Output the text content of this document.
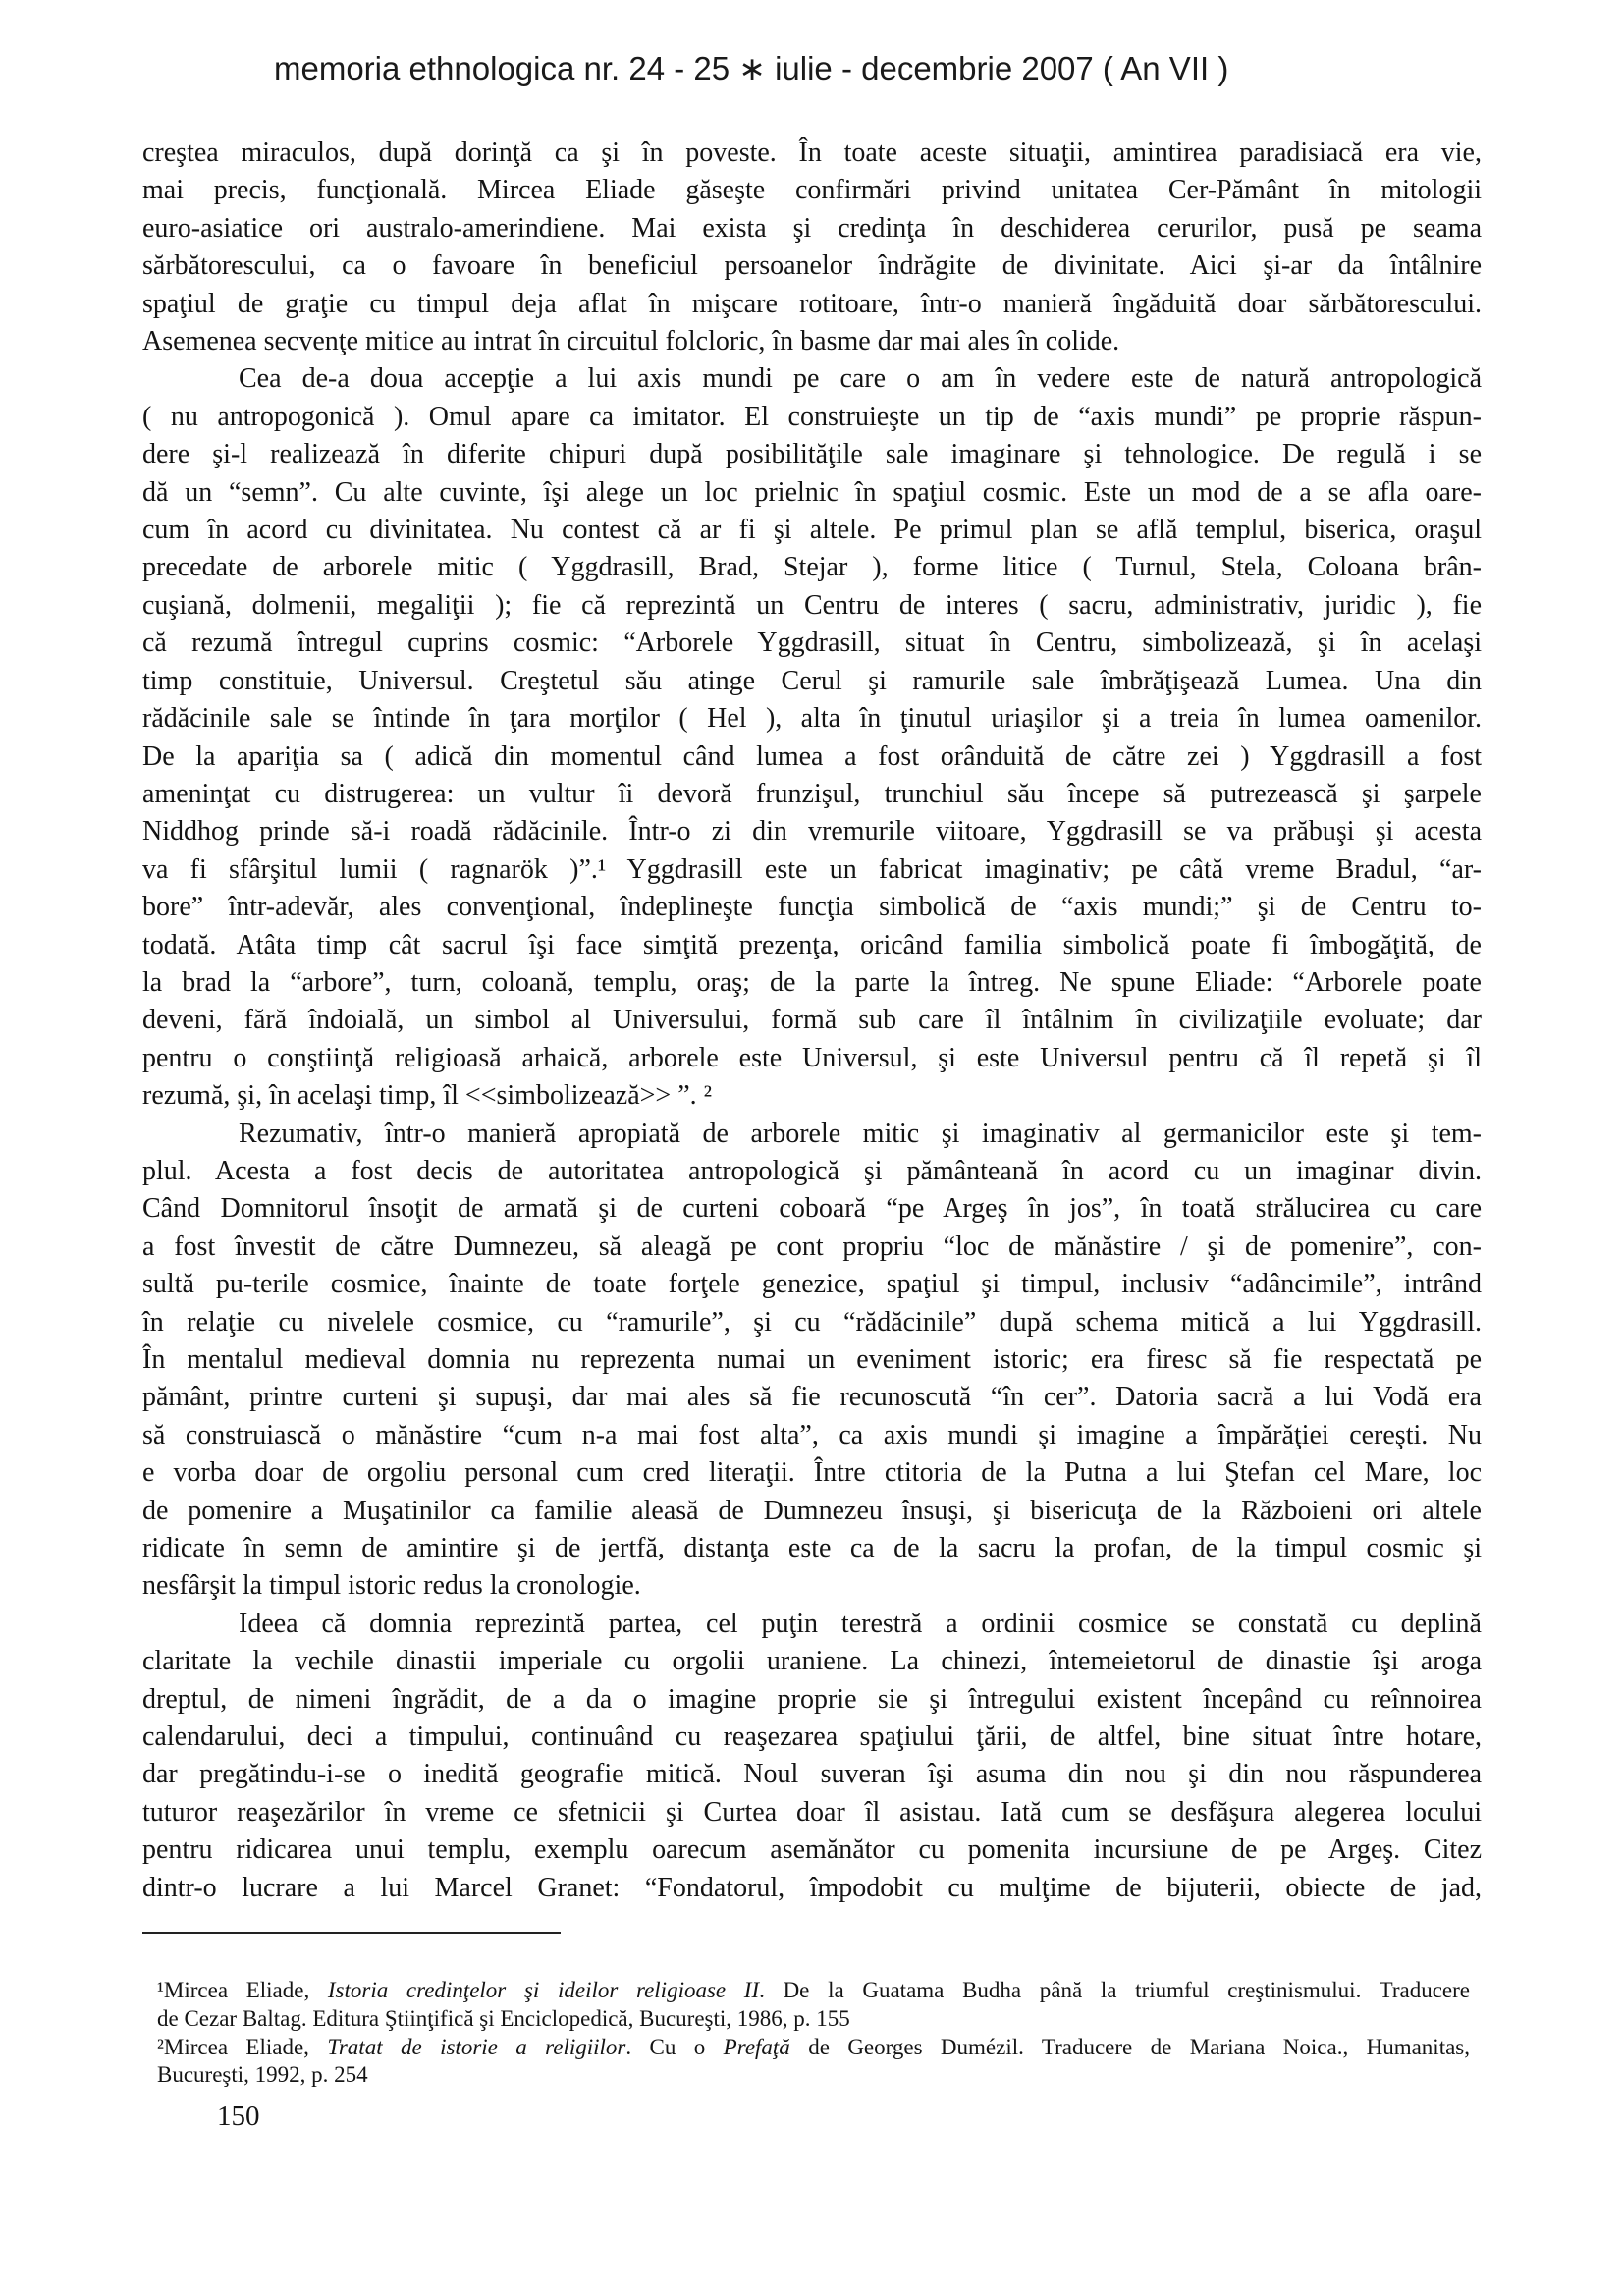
memoria ethnologica nr. 24 - 25 ∗ iulie - decembrie 2007 ( An VII )
creştea miraculos, după dorinţă ca şi în poveste. În toate aceste situaţii, amintirea paradisiacă era vie,
mai precis, funcţională. Mircea Eliade găseşte confirmări privind unitatea Cer-Pământ în mitologii
euro-asiatice ori australo-amerindiene. Mai exista şi credinţa în deschiderea cerurilor, pusă pe seama
sărbătorescului, ca o favoare în beneficiul persoanelor îndrăgite de divinitate. Aici şi-ar da întâlnire
spaţiul de graţie cu timpul deja aflat în mişcare rotitoare, într-o manieră îngăduită doar sărbătorescului.
Asemenea secvenţe mitice au intrat în circuitul folcloric, în basme dar mai ales în colide.
Cea de-a doua accepţie a lui axis mundi pe care o am în vedere este de natură antropologică
( nu antropogonică ). Omul apare ca imitator. El construieşte un tip de “axis mundi” pe proprie răspun-
dere şi-l realizează în diferite chipuri după posibilităţile sale imaginare şi tehnologice. De regulă i se
dă un “semn”. Cu alte cuvinte, îşi alege un loc prielnic în spaţiul cosmic. Este un mod de a se afla oare-
cum în acord cu divinitatea. Nu contest că ar fi şi altele. Pe primul plan se află templul, biserica, oraşul
precedate de arborele mitic ( Yggdrasill, Brad, Stejar ), forme litice ( Turnul, Stela, Coloana brân-
cuşiană, dolmenii, megaliţii ); fie că reprezintă un Centru de interes ( sacru, administrativ, juridic ), fie
că rezumă întregul cuprins cosmic: “Arborele Yggdrasill, situat în Centru, simbolizează, şi în acelaşi
timp constituie, Universul. Creştetul său atinge Cerul şi ramurile sale îmbrăţişează Lumea. Una din
rădăcinile sale se întinde în ţara morţilor ( Hel ), alta în ţinutul uriaşilor şi a treia în lumea oamenilor.
De la apariţia sa ( adică din momentul când lumea a fost orânduită de către zei ) Yggdrasill a fost
ameninţat cu distrugerea: un vultur îi devoră frunzişul, trunchiul său începe să putrezească şi şarpele
Niddhog prinde să-i roadă rădăcinile. Într-o zi din vremurile viitoare, Yggdrasill se va prăbuşi şi acesta
va fi sfârşitul lumii ( ragnarök )”.¹ Yggdrasill este un fabricat imaginativ; pe câtă vreme Bradul, “ar-
bore” într-adevăr, ales convenţional, îndeplineşte funcţia simbolică de “axis mundi;” şi de Centru to-
todată. Atâta timp cât sacrul îşi face simţită prezenţa, oricând familia simbolică poate fi îmbogăţită, de
la brad la “arbore”, turn, coloană, templu, oraş; de la parte la întreg. Ne spune Eliade: “Arborele poate
deveni, fără îndoială, un simbol al Universului, formă sub care îl întâlnim în civilizaţiile evoluate; dar
pentru o conştiinţă religioasă arhaică, arborele este Universul, şi este Universul pentru că îl repetă şi îl
rezumă, şi, în acelaşi timp, îl <<simbolizează>> ”. ²
Rezumativ, într-o manieră apropiată de arborele mitic şi imaginativ al germanicilor este şi tem-
plul. Acesta a fost decis de autoritatea antropologică şi pământeană în acord cu un imaginar divin.
Când Domnitorul însoţit de armată şi de curteni coboară “pe Argeş în jos”, în toată strălucirea cu care
a fost învestit de către Dumnezeu, să aleagă pe cont propriu “loc de mănăstire / şi de pomenire”, con-
sultă pu-terile cosmice, înainte de toate forţele genezice, spaţiul şi timpul, inclusiv “adâncimile”, intrând
în relaţie cu nivelele cosmice, cu “ramurile”, şi cu “rădăcinile” după schema mitică a lui Yggdrasill.
În mentalul medieval domnia nu reprezenta numai un eveniment istoric; era firesc să fie respectată pe
pământ, printre curteni şi supuşi, dar mai ales să fie recunoscută “în cer”. Datoria sacră a lui Vodă era
să construiască o mănăstire “cum n-a mai fost alta”, ca axis mundi şi imagine a împărăţiei cereşti. Nu
e vorba doar de orgoliu personal cum cred literaţii. Între ctitoria de la Putna a lui Ştefan cel Mare, loc
de pomenire a Muşatinilor ca familie aleasă de Dumnezeu însuşi, şi bisericuţa de la Războieni ori altele
ridicate în semn de amintire şi de jertfă, distanţa este ca de la sacru la profan, de la timpul cosmic şi
nesfârşit la timpul istoric redus la cronologie.
Ideea că domnia reprezintă partea, cel puţin terestră a ordinii cosmice se constată cu deplină
claritate la vechile dinastii imperiale cu orgolii uraniene. La chinezi, întemeietorul de dinastie îşi aroga
dreptul, de nimeni îngrădit, de a da o imagine proprie sie şi întregului existent începând cu reînnoirea
calendarului, deci a timpului, continuând cu reaşezarea spaţiului ţării, de altfel, bine situat între hotare,
dar pregătindu-i-se o inedită geografie mitică. Noul suveran îşi asuma din nou şi din nou răspunderea
tuturor reaşezărilor în vreme ce sfetnicii şi Curtea doar îl asistau. Iată cum se desfăşura alegerea locului
pentru ridicarea unui templu, exemplu oarecum asemănător cu pomenita incursiune de pe Argeş. Citez
dintr-o lucrare a lui Marcel Granet: “Fondatorul, împodobit cu mulţime de bijuterii, obiecte de jad,
¹Mircea Eliade, Istoria credinţelor şi ideilor religioase II. De la Guatama Budha până la triumful creştinismului. Traducere
de Cezar Baltag. Editura Ştiinţifică şi Enciclopedică, Bucureşti, 1986, p. 155
²Mircea Eliade, Tratat de istorie a religiilor. Cu o Prefaţă de Georges Dumézil. Traducere de Mariana Noica., Humanitas,
Bucureşti, 1992, p. 254
150
